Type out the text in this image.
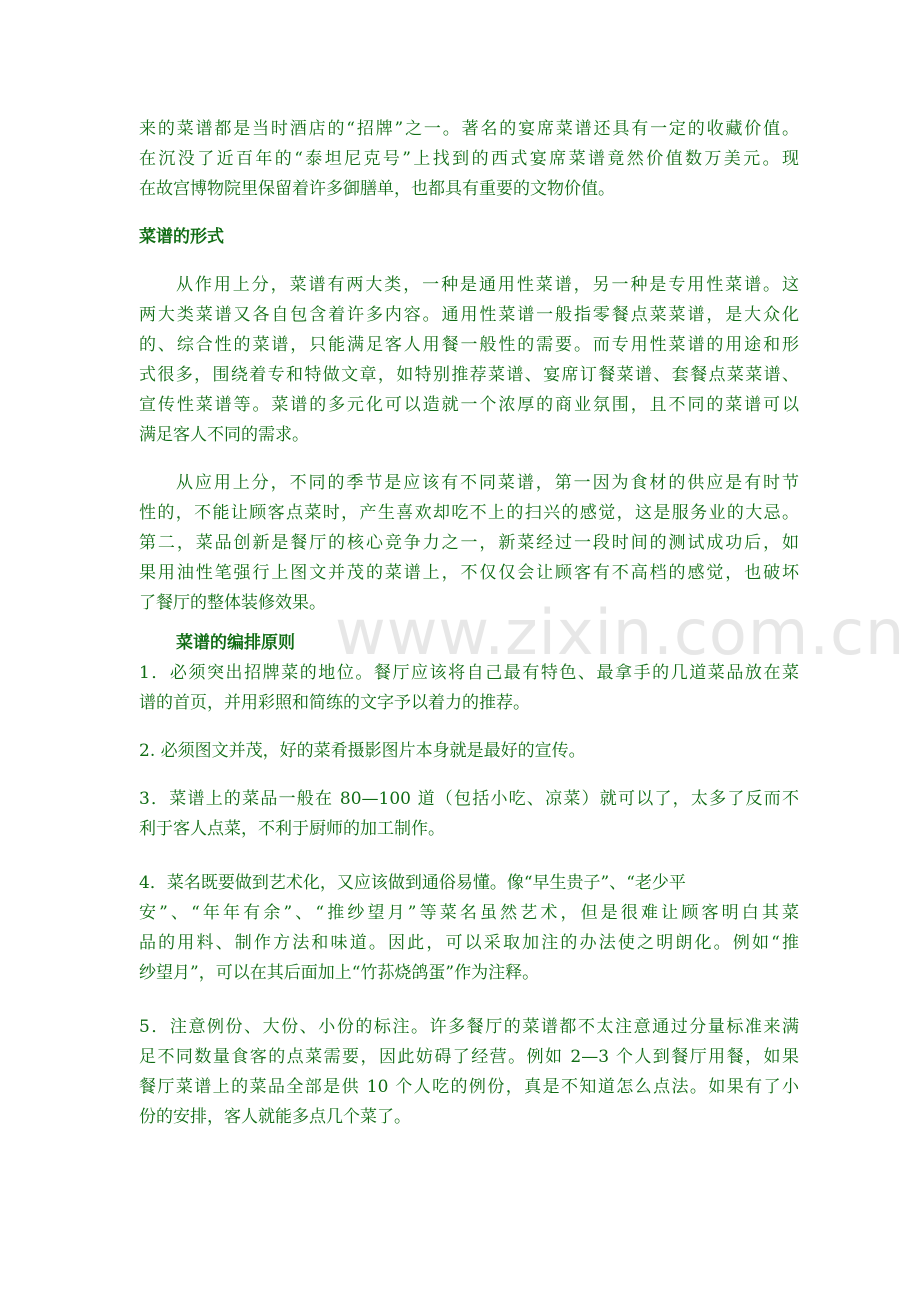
www.zixin.com.cn
来的菜谱都是当时酒店的“招牌”之一。著名的宴席菜谱还具有一定的收藏价值。
在沉没了近百年的“泰坦尼克号”上找到的西式宴席菜谱竟然价值数万美元。现
在故宫博物院里保留着许多御膳单，也都具有重要的文物价值。
菜谱的形式
从作用上分，菜谱有两大类，一种是通用性菜谱，另一种是专用性菜谱。这
两大类菜谱又各自包含着许多内容。通用性菜谱一般指零餐点菜菜谱，是大众化
的、综合性的菜谱，只能满足客人用餐一般性的需要。而专用性菜谱的用途和形
式很多，围绕着专和特做文章，如特别推荐菜谱、宴席订餐菜谱、套餐点菜菜谱、
宣传性菜谱等。菜谱的多元化可以造就一个浓厚的商业氛围，且不同的菜谱可以
满足客人不同的需求。
从应用上分，不同的季节是应该有不同菜谱，第一因为食材的供应是有时节
性的，不能让顾客点菜时，产生喜欢却吃不上的扫兴的感觉，这是服务业的大忌。
第二，菜品创新是餐厅的核心竞争力之一，新菜经过一段时间的测试成功后，如
果用油性笔强行上图文并茂的菜谱上，不仅仅会让顾客有不高档的感觉，也破坏
了餐厅的整体装修效果。
菜谱的编排原则
1．必须突出招牌菜的地位。餐厅应该将自己最有特色、最拿手的几道菜品放在菜
谱的首页，并用彩照和简练的文字予以着力的推荐。
2. 必须图文并茂，好的菜肴摄影图片本身就是最好的宣传。
3．菜谱上的菜品一般在 80—100 道（包括小吃、凉菜）就可以了，太多了反而不
利于客人点菜，不利于厨师的加工制作。
4．菜名既要做到艺术化，又应该做到通俗易懂。像“早生贵子”、“老少平
安”、“年年有余”、“推纱望月”等菜名虽然艺术，但是很难让顾客明白其菜
品的用料、制作方法和味道。因此，可以采取加注的办法使之明朗化。例如“推
纱望月”，可以在其后面加上“竹荪烧鸽蛋”作为注释。
5．注意例份、大份、小份的标注。许多餐厅的菜谱都不太注意通过分量标准来满
足不同数量食客的点菜需要，因此妨碍了经营。例如 2—3 个人到餐厅用餐，如果
餐厅菜谱上的菜品全部是供 10 个人吃的例份，真是不知道怎么点法。如果有了小
份的安排，客人就能多点几个菜了。
